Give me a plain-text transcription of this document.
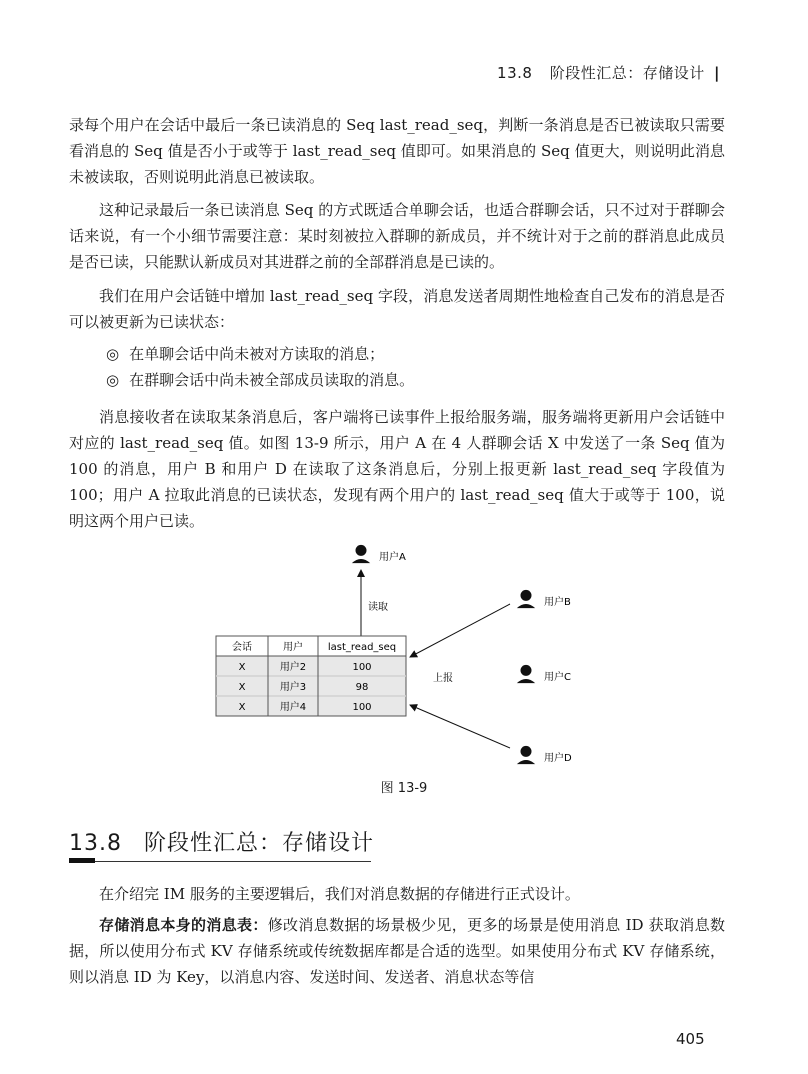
13.8 阶段性汇总：存储设计 |

录每个用户在会话中最后一条已读消息的 Seq last_read_seq，判断一条消息是否已被读取只需要看消息的 Seq 值是否小于或等于 last_read_seq 值即可。如果消息的 Seq 值更大，则说明此消息未被读取，否则说明此消息已被读取。

这种记录最后一条已读消息 Seq 的方式既适合单聊会话，也适合群聊会话，只不过对于群聊会话来说，有一个小细节需要注意：某时刻被拉入群聊的新成员，并不统计对于之前的群消息此成员是否已读，只能默认新成员对其进群之前的全部群消息是已读的。

我们在用户会话链中增加 last_read_seq 字段，消息发送者周期性地检查自己发布的消息是否可以被更新为已读状态：

◎ 在单聊会话中尚未被对方读取的消息；
◎ 在群聊会话中尚未被全部成员读取的消息。

消息接收者在读取某条消息后，客户端将已读事件上报给服务端，服务端将更新用户会话链中对应的 last_read_seq 值。如图 13-9 所示，用户 A 在 4 人群聊会话 X 中发送了一条 Seq 值为 100 的消息，用户 B 和用户 D 在读取了这条消息后，分别上报更新 last_read_seq 字段值为 100；用户 A 拉取此消息的已读状态，发现有两个用户的 last_read_seq 值大于或等于 100，说明这两个用户已读。

用户A
用户B
用户C
用户D
读取
上报
会话	用户 last_read_seq
X	用户2	100
X	用户3	98
X	用户4	100
图 13-9
13.8 阶段性汇总：存储设计

在介绍完 IM 服务的主要逻辑后，我们对消息数据的存储进行正式设计。

存储消息本身的消息表：修改消息数据的场景极少见，更多的场景是使用消息 ID 获取消息数据，所以使用分布式 KV 存储系统或传统数据库都是合适的选型。如果使用分布式 KV 存储系统，则以消息 ID 为 Key，以消息内容、发送时间、发送者、消息状态等信

405
